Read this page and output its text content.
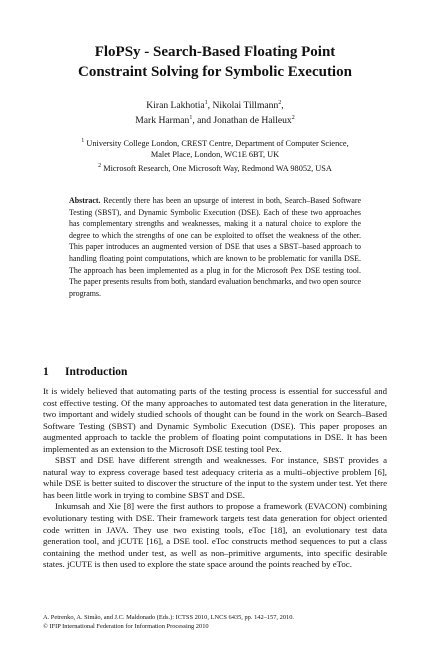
FloPSy - Search-Based Floating Point
Constraint Solving for Symbolic Execution
Kiran Lakhotia$^1$, Nikolai Tillmann$^2$,
Mark Harman$^1$, and Jonathan de Halleux$^2$
$^1$ University College London, CREST Centre, Department of Computer Science,
Malet Place, London, WC1E 6BT, UK
$^2$ Microsoft Research, One Microsoft Way, Redmond WA 98052, USA
Abstract. Recently there has been an upsurge of interest in both, Search–Based Software Testing (SBST), and Dynamic Symbolic Execution (DSE). Each of these two approaches has complementary strengths and weaknesses, making it a natural choice to explore the degree to which the strengths of one can be exploited to offset the weakness of the other. This paper introduces an augmented version of DSE that uses a SBST–based approach to handling floating point computations, which are known to be problematic for vanilla DSE. The approach has been implemented as a plug in for the Microsoft Pex DSE testing tool. The paper presents results from both, standard evaluation benchmarks, and two open source programs.
1 Introduction

It is widely believed that automating parts of the testing process is essential for successful and cost effective testing. Of the many approaches to automated test data generation in the literature, two important and widely studied schools of thought can be found in the work on Search–Based Software Testing (SBST) and Dynamic Symbolic Execution (DSE). This paper proposes an augmented approach to tackle the problem of floating point computations in DSE. It has been implemented as an extension to the Microsoft DSE testing tool Pex.

SBST and DSE have different strength and weaknesses. For instance, SBST provides a natural way to express coverage based test adequacy criteria as a multi–objective problem [6], while DSE is better suited to discover the structure of the input to the system under test. Yet there has been little work in trying to combine SBST and DSE.

Inkumsah and Xie [8] were the first authors to propose a framework (EVACON) combining evolutionary testing with DSE. Their framework targets test data generation for object oriented code written in JAVA. They use two existing tools, eToc [18], an evolutionary test data generation tool, and jCUTE [16], a DSE tool. eToc constructs method sequences to put a class containing the method under test, as well as non–primitive arguments, into specific desirable states. jCUTE is then used to explore the state space around the points reached by eToc.

A. Petrenko, A. Simão, and J.C. Maldonado (Eds.): ICTSS 2010, LNCS 6435, pp. 142–157, 2010.
© IFIP International Federation for Information Processing 2010
